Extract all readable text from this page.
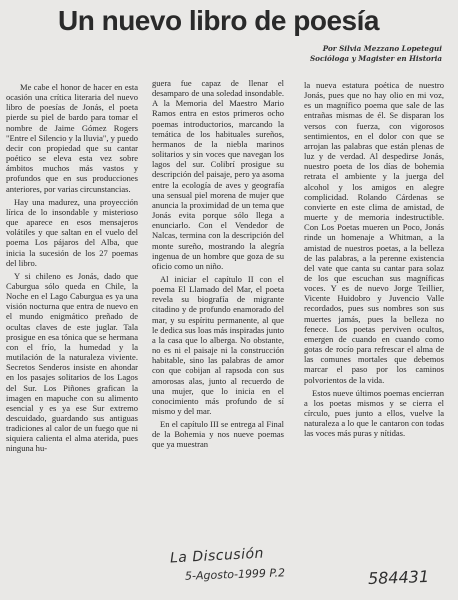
Un nuevo libro de poesía
Por Silvia Mezzano Lopetegui
Socióloga y Magister en Historia

Me cabe el honor de hacer en esta ocasión una crítica literaria del nuevo libro de poesías de Jonás, el poeta pierde su piel de bardo para tomar el nombre de Jaime Gómez Rogers "Entre el Silencio y la lluvia", y puedo decir con propiedad que su cantar poético se eleva esta vez sobre ámbitos muchos más vastos y profundos que en sus producciones anteriores, por varias circunstancias.

Hay una madurez, una proyección lírica de lo insondable y misterioso que aparece en esos mensajeros volátiles y que saltan en el vuelo del poema Los pájaros del Alba, que inicia la sucesión de los 27 poemas del libro.

Y si chileno es Jonás, dado que Caburgua sólo queda en Chile, la Noche en el Lago Caburgua es ya una visión nocturna que entra de nuevo en el mundo enigmático preñado de ocultas claves de este juglar. Tala prosigue en esa tónica que se hermana con el frío, la humedad y la mutilación de la naturaleza viviente. Secretos Senderos insiste en ahondar en los pasajes solitarios de los Lagos del Sur. Los Piñones grafican la imagen en mapuche con su alimento esencial y es ya ese Sur extremo descuidado, guardando sus antiguas tradiciones al calor de un fuego que ni siquiera calienta el alma aterida, pues ninguna hu-

guera fue capaz de llenar el desamparo de una soledad insondable. A la Memoria del Maestro Mario Ramos entra en estos primeros ocho poemas introductorios, marcando la temática de los habituales sureños, hermanos de la niebla marinos solitarios y sin voces que navegan los lagos del sur. Colibrí prosigue su descripción del paisaje, pero ya asoma entre la ecología de aves y geografía una sensual piel morena de mujer que anuncia la proximidad de un tema que Jonás evita porque sólo llega a enunciarlo. Con el Vendedor de Nalcas, termina con la descripción del monte sureño, mostrando la alegría ingenua de un hombre que goza de su oficio como un niño.

Al iniciar el capítulo II con el poema El Llamado del Mar, el poeta revela su biografía de migrante citadino y de profundo enamorado del mar, y su espíritu permanente, al que le dedica sus loas más inspiradas junto a la casa que lo alberga. No obstante, no es ni el paisaje ni la construcción habitable, sino las palabras de amor con que cobijan al rapsoda con sus amorosas alas, junto al recuerdo de una mujer, que lo inicia en el conocimiento más profundo de sí mismo y del mar.

En el capítulo III se entrega al Final de la Bohemia y nos nueve poemas que ya muestran

la nueva estatura poética de nuestro Jonás, pues que no hay olio en mi voz, es un magnífico poema que sale de las entrañas mismas de él. Se disparan los versos con fuerza, con vigorosos sentimientos, en el dolor con que se arrojan las palabras que están plenas de luz y de verdad. Al despedirse Jonás, nuestro poeta de los días de bohemia retrata el ambiente y la juerga del alcohol y los amigos en alegre complicidad. Rolando Cárdenas se convierte en este clima de amistad, de muerte y de memoria indestructible. Con Los Poetas mueren un Poco, Jonás rinde un homenaje a Whitman, a la amistad de nuestros poetas, a la belleza de las palabras, a la perenne existencia del vate que canta su cantar para solaz de los que escuchan sus magníficas voces. Y es de nuevo Jorge Teillier, Vicente Huidobro y Juvencio Valle recordados, pues sus nombres son sus muertes jamás, pues la belleza no fenece. Los poetas perviven ocultos, emergen de cuando en cuando como gotas de rocío para refrescar el alma de las comunes mortales que debemos marcar el paso por los caminos polvorientos de la vida.

Estos nueve últimos poemas encierran a los poetas mismos y se cierra el círculo, pues junto a ellos, vuelve la naturaleza a lo que le cantaron con todas las voces más puras y nítidas.

La Discusión
5-Agosto-1999 P.2	584431
